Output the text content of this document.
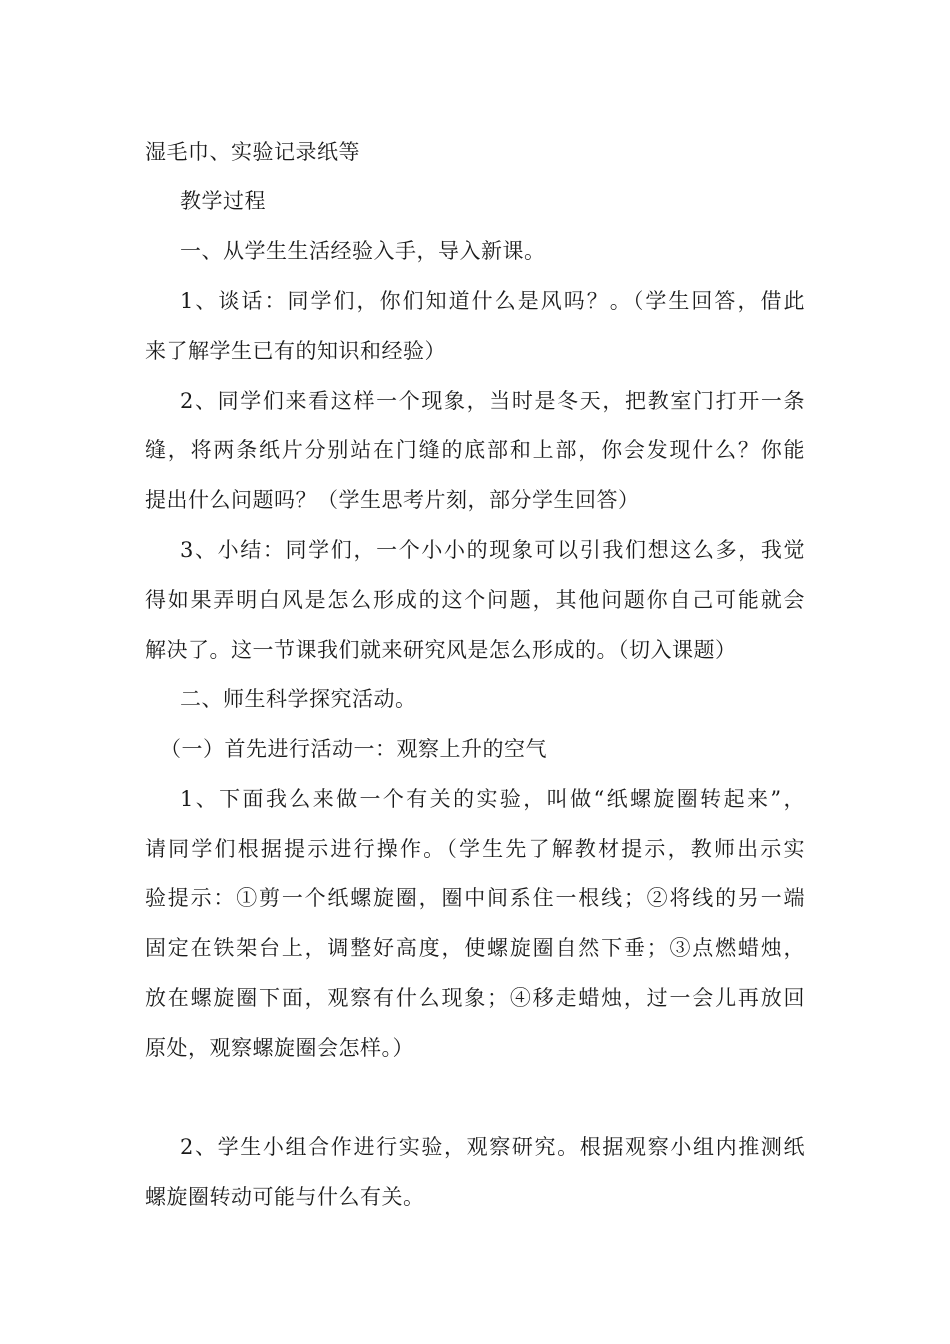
湿毛巾、实验记录纸等
教学过程
一、从学生生活经验入手，导入新课。
1、谈话：同学们，你们知道什么是风吗？。（学生回答，借此
来了解学生已有的知识和经验）
2、同学们来看这样一个现象，当时是冬天，把教室门打开一条
缝，将两条纸片分别站在门缝的底部和上部，你会发现什么？你能
提出什么问题吗？（学生思考片刻，部分学生回答）
3、小结：同学们，一个小小的现象可以引我们想这么多，我觉
得如果弄明白风是怎么形成的这个问题，其他问题你自己可能就会
解决了。这一节课我们就来研究风是怎么形成的。（切入课题）
二、师生科学探究活动。
（一）首先进行活动一：观察上升的空气
1、下面我么来做一个有关的实验，叫做“纸螺旋圈转起来”，
请同学们根据提示进行操作。（学生先了解教材提示，教师出示实
验提示：①剪一个纸螺旋圈，圈中间系住一根线；②将线的另一端
固定在铁架台上，调整好高度，使螺旋圈自然下垂；③点燃蜡烛，
放在螺旋圈下面，观察有什么现象；④移走蜡烛，过一会儿再放回
原处，观察螺旋圈会怎样。）
2、学生小组合作进行实验，观察研究。根据观察小组内推测纸
螺旋圈转动可能与什么有关。
